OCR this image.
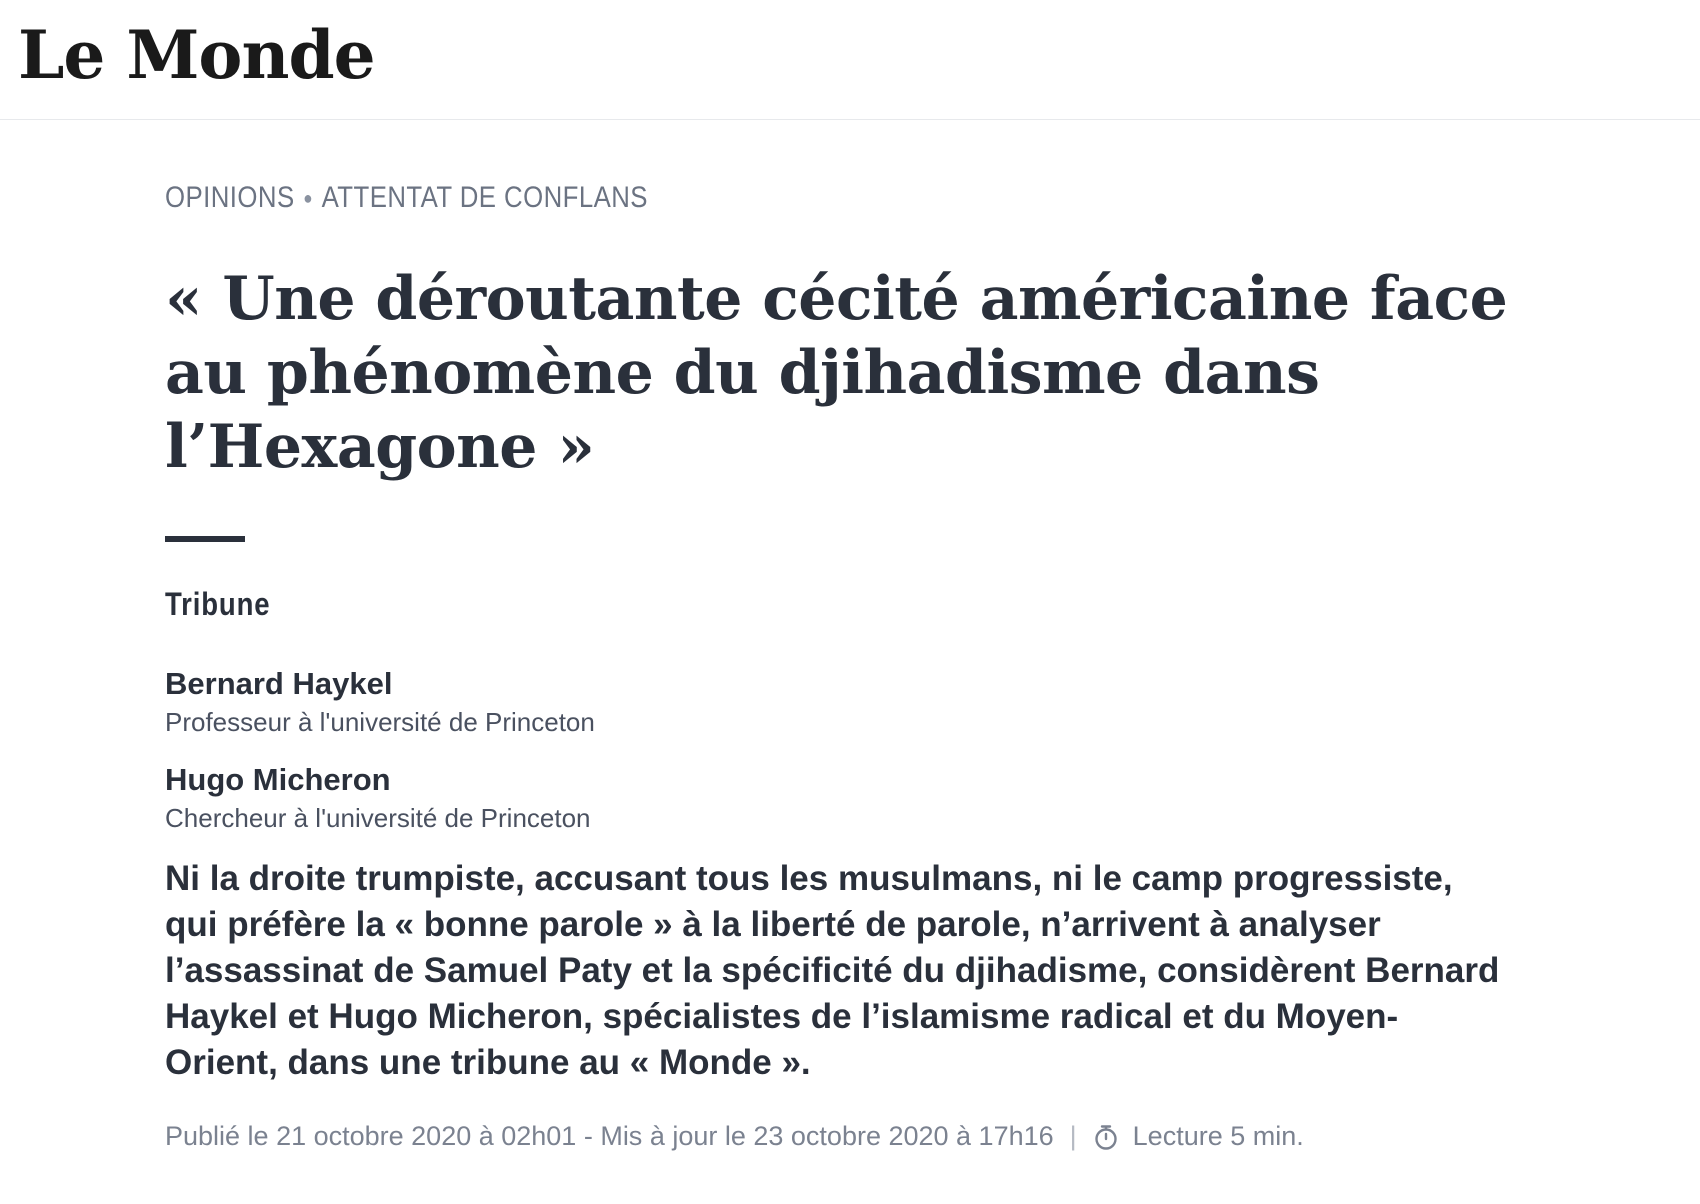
Le Monde
OPINIONS ● ATTENTAT DE CONFLANS
« Une déroutante cécité américaine face au phénomène du djihadisme dans l’Hexagone »
Tribune
Bernard Haykel
Professeur à l'université de Princeton
Hugo Micheron
Chercheur à l'université de Princeton

Ni la droite trumpiste, accusant tous les musulmans, ni le camp progressiste, qui préfère la « bonne parole » à la liberté de parole, n’arrivent à analyser l’assassinat de Samuel Paty et la spécificité du djihadisme, considèrent Bernard Haykel et Hugo Micheron, spécialistes de l’islamisme radical et du Moyen-Orient, dans une tribune au « Monde ».

Publié le 21 octobre 2020 à 02h01 - Mis à jour le 23 octobre 2020 à 17h16 | Lecture 5 min.
